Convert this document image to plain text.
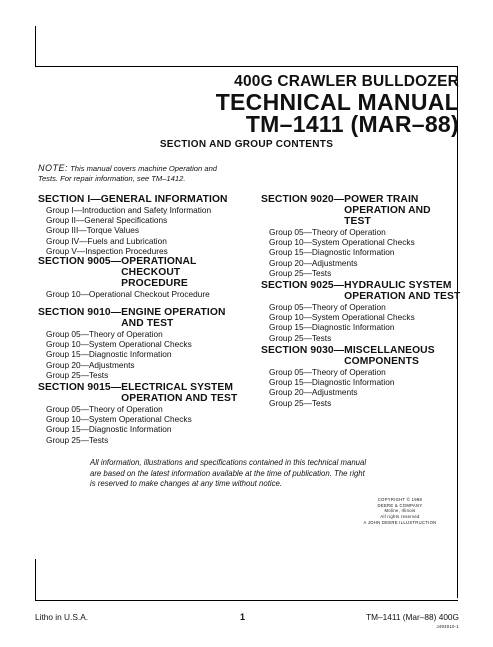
400G CRAWLER BULLDOZER
TECHNICAL MANUAL
TM–1411 (MAR–88)
SECTION AND GROUP CONTENTS
NOTE: This manual covers machine Operation and
Tests. For repair information, see TM–1412.
SECTION I— GENERAL INFORMATION
Group I—Introduction and Safety Information
Group II—General Specifications
Group III—Torque Values
Group IV—Fuels and Lubrication
Group V—Inspection Procedures
SECTION 9005— OPERATIONAL
CHECKOUT
PROCEDURE
Group 10—Operational Checkout Procedure
SECTION 9010— ENGINE OPERATION
AND TEST
Group 05—Theory of Operation
Group 10—System Operational Checks
Group 15—Diagnostic Information
Group 20—Adjustments
Group 25—Tests
SECTION 9015— ELECTRICAL SYSTEM
OPERATION AND TEST
Group 05—Theory of Operation
Group 10—System Operational Checks
Group 15—Diagnostic Information
Group 25—Tests
SECTION 9020— POWER TRAIN
OPERATION AND
TEST
Group 05—Theory of Operation
Group 10—System Operational Checks
Group 15—Diagnostic Information
Group 20—Adjustments
Group 25—Tests
SECTION 9025— HYDRAULIC SYSTEM
OPERATION AND TEST
Group 05—Theory of Operation
Group 10—System Operational Checks
Group 15—Diagnostic Information
Group 25—Tests
SECTION 9030— MISCELLANEOUS
COMPONENTS
Group 05—Theory of Operation
Group 15—Diagnostic Information
Group 20—Adjustments
Group 25—Tests
All information, illustrations and specifications contained in this technical manual
are based on the latest information available at the time of publication. The right
is reserved to make changes at any time without notice.
COPYRIGHT © 1988
DEERE & COMPANY
Moline, Illinois
All rights reserved
A JOHN DEERE ILLUSTRUCTION
Litho in U.S.A.	1	TM–1411 (Mar–88) 400G
J493010-1
